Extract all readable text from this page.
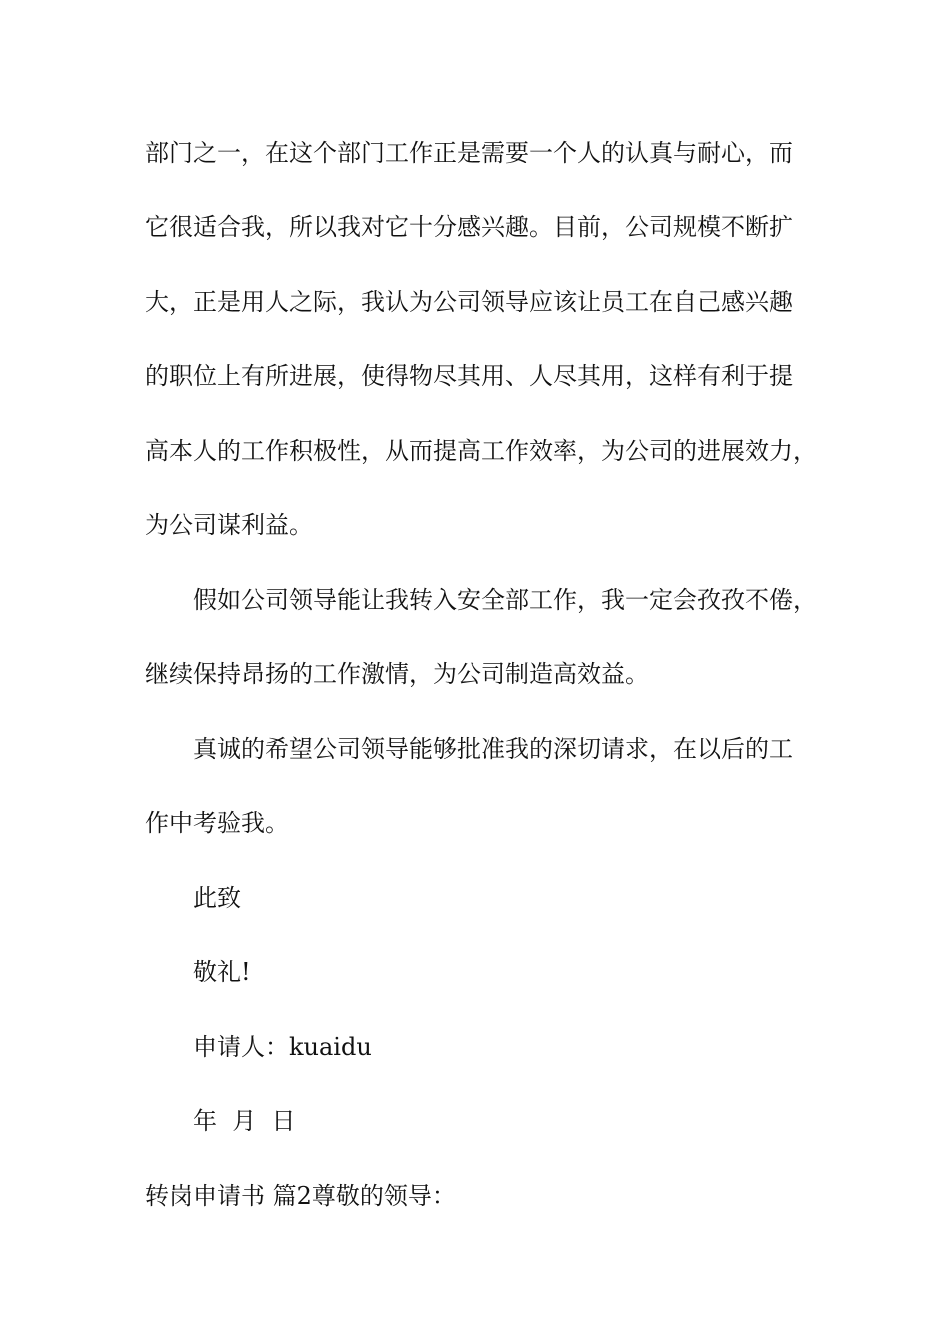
部门之一，在这个部门工作正是需要一个人的认真与耐心，而
它很适合我，所以我对它十分感兴趣。目前，公司规模不断扩
大，正是用人之际，我认为公司领导应该让员工在自己感兴趣
的职位上有所进展，使得物尽其用、人尽其用，这样有利于提
高本人的工作积极性，从而提高工作效率，为公司的进展效力，
为公司谋利益。
假如公司领导能让我转入安全部工作，我一定会孜孜不倦，
继续保持昂扬的工作激情，为公司制造高效益。
真诚的希望公司领导能够批准我的深切请求，在以后的工
作中考验我。
此致
敬礼!
申请人：kuaidu
年  月  日
转岗申请书 篇2尊敬的领导：
